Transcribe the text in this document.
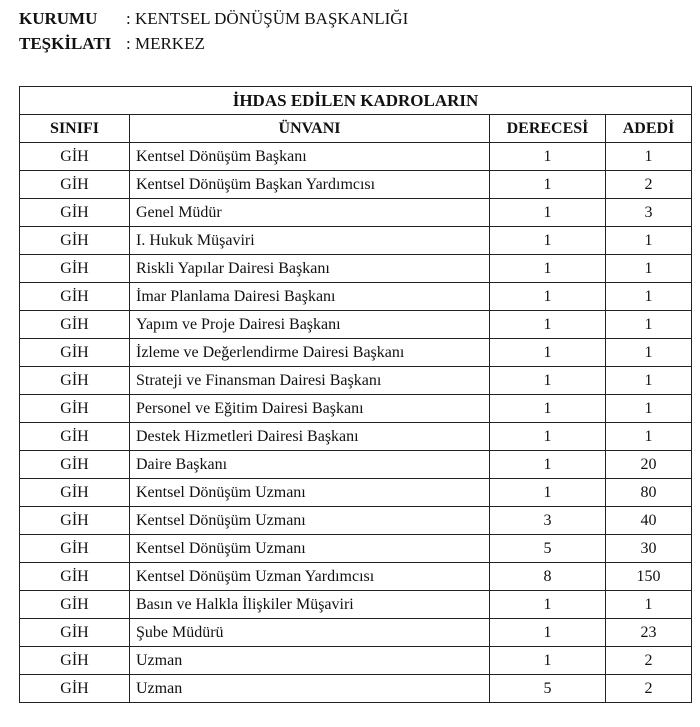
KURUMU : KENTSEL DÖNÜŞÜM BAŞKANLIĞI
TEŞKİLATI : MERKEZ
İHDAS EDİLEN KADROLARIN			
SINIFI	ÜNVANI	DERECESİ	ADEDİ
GİH	Kentsel Dönüşüm Başkanı	1	1
GİH	Kentsel Dönüşüm Başkan Yardımcısı	1	2
GİH	Genel Müdür	1	3
GİH	I. Hukuk Müşaviri	1	1
GİH	Riskli Yapılar Dairesi Başkanı	1	1
GİH	İmar Planlama Dairesi Başkanı	1	1
GİH	Yapım ve Proje Dairesi Başkanı	1	1
GİH	İzleme ve Değerlendirme Dairesi Başkanı	1	1
GİH	Strateji ve Finansman Dairesi Başkanı	1	1
GİH	Personel ve Eğitim Dairesi Başkanı	1	1
GİH	Destek Hizmetleri Dairesi Başkanı	1	1
GİH	Daire Başkanı	1	20
GİH	Kentsel Dönüşüm Uzmanı	1	80
GİH	Kentsel Dönüşüm Uzmanı	3	40
GİH	Kentsel Dönüşüm Uzmanı	5	30
GİH	Kentsel Dönüşüm Uzman Yardımcısı	8	150
GİH	Basın ve Halkla İlişkiler Müşaviri	1	1
GİH	Şube Müdürü	1	23
GİH	Uzman	1	2
GİH	Uzman	5	2
